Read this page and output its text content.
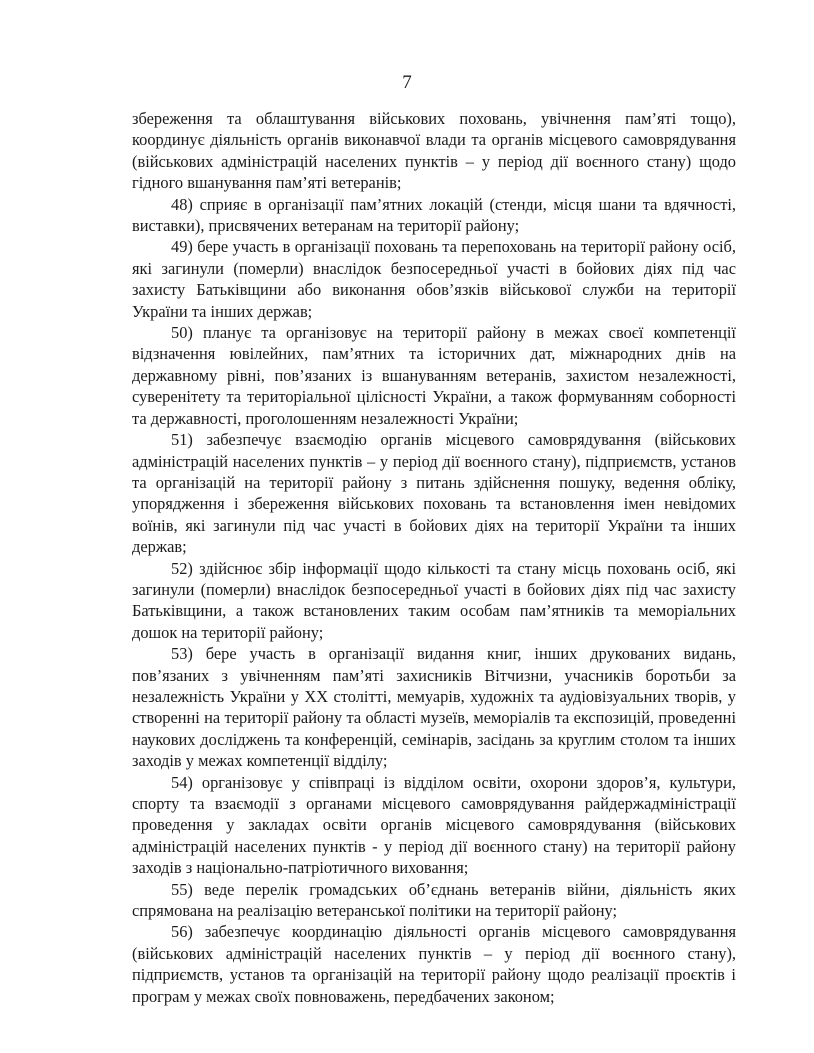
7

збереження та облаштування військових поховань, увічнення пам’яті тощо), координує діяльність органів виконавчої влади та органів місцевого самоврядування (військових адміністрацій населених пунктів – у період дії воєнного стану) щодо гідного вшанування пам’яті ветеранів;

48) сприяє в організації пам’ятних локацій (стенди, місця шани та вдячності, виставки), присвячених ветеранам на території району;

49) бере участь в організації поховань та перепоховань на території району осіб, які загинули (померли) внаслідок безпосередньої участі в бойових діях під час захисту Батьківщини або виконання обов’язків військової служби на території України та інших держав;

50) планує та організовує на території району в межах своєї компетенції відзначення ювілейних, пам’ятних та історичних дат, міжнародних днів на державному рівні, пов’язаних із вшануванням ветеранів, захистом незалежності, суверенітету та територіальної цілісності України, а також формуванням соборності та державності, проголошенням незалежності України;

51) забезпечує взаємодію органів місцевого самоврядування (військових адміністрацій населених пунктів – у період дії воєнного стану), підприємств, установ та організацій на території району з питань здійснення пошуку, ведення обліку, упорядження і збереження військових поховань та встановлення імен невідомих воїнів, які загинули під час участі в бойових діях на території України та інших держав;

52) здійснює збір інформації щодо кількості та стану місць поховань осіб, які загинули (померли) внаслідок безпосередньої участі в бойових діях під час захисту Батьківщини, а також встановлених таким особам пам’ятників та меморіальних дошок на території району;

53) бере участь в організації видання книг, інших друкованих видань, пов’язаних з увічненням пам’яті захисників Вітчизни, учасників боротьби за незалежність України у ХХ столітті, мемуарів, художніх та аудіовізуальних творів, у створенні на території району та області музеїв, меморіалів та експозицій, проведенні наукових досліджень та конференцій, семінарів, засідань за круглим столом та інших заходів у межах компетенції відділу;

54) організовує у співпраці із відділом освіти, охорони здоров’я, культури, спорту та взаємодії з органами місцевого самоврядування райдержадміністрації проведення у закладах освіти органів місцевого самоврядування (військових адміністрацій населених пунктів - у період дії воєнного стану) на території району заходів з національно-патріотичного виховання;

55) веде перелік громадських об’єднань ветеранів війни, діяльність яких спрямована на реалізацію ветеранської політики на території району;

56) забезпечує координацію діяльності органів місцевого самоврядування (військових адміністрацій населених пунктів – у період дії воєнного стану), підприємств, установ та організацій на території району щодо реалізації проєктів і програм у межах своїх повноважень, передбачених законом;
